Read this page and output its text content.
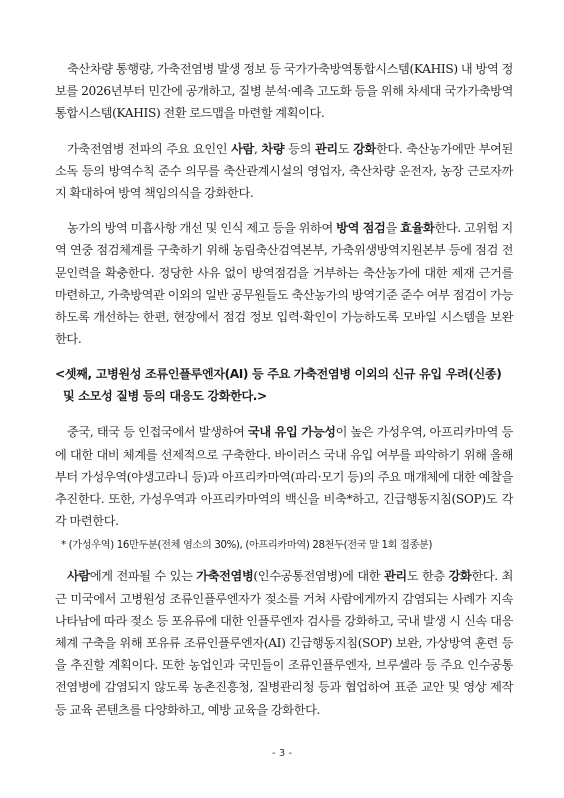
축산차량 통행량, 가축전염병 발생 정보 등 국가가축방역통합시스템(KAHIS) 내 방역 정보를 2026년부터 민간에 공개하고, 질병 분석·예측 고도화 등을 위해 차세대 국가가축방역통합시스템(KAHIS) 전환 로드맵을 마련할 계획이다.

가축전염병 전파의 주요 요인인 사람, 차량 등의 관리도 강화한다. 축산농가에만 부여된 소독 등의 방역수칙 준수 의무를 축산관계시설의 영업자, 축산차량 운전자, 농장 근로자까지 확대하여 방역 책임의식을 강화한다.

농가의 방역 미흡사항 개선 및 인식 제고 등을 위하여 방역 점검을 효율화한다. 고위험 지역 연중 점검체계를 구축하기 위해 농림축산검역본부, 가축위생방역지원본부 등에 점검 전문인력을 확충한다. 정당한 사유 없이 방역점검을 거부하는 축산농가에 대한 제재 근거를 마련하고, 가축방역관 이외의 일반 공무원들도 축산농가의 방역기준 준수 여부 점검이 가능하도록 개선하는 한편, 현장에서 점검 정보 입력·확인이 가능하도록 모바일 시스템을 보완한다.

<셋째, 고병원성 조류인플루엔자(AI) 등 주요 가축전염병 이외의 신규 유입 우려(신종) 및 소모성 질병 등의 대응도 강화한다.>

중국, 태국 등 인접국에서 발생하여 국내 유입 가능성이 높은 가성우역, 아프리카마역 등에 대한 대비 체계를 선제적으로 구축한다. 바이러스 국내 유입 여부를 파악하기 위해 올해부터 가성우역(야생고라니 등)과 아프리카마역(파리·모기 등)의 주요 매개체에 대한 예찰을 추진한다. 또한, 가성우역과 아프리카마역의 백신을 비축*하고, 긴급행동지침(SOP)도 각각 마련한다.

* (가성우역) 16만두분(전체 염소의 30%), (아프리카마역) 28천두(전국 말 1회 접종분)

사람에게 전파될 수 있는 가축전염병(인수공통전염병)에 대한 관리도 한층 강화한다. 최근 미국에서 고병원성 조류인플루엔자가 젖소를 거쳐 사람에게까지 감염되는 사례가 지속 나타남에 따라 젖소 등 포유류에 대한 인플루엔자 검사를 강화하고, 국내 발생 시 신속 대응체계 구축을 위해 포유류 조류인플루엔자(AI) 긴급행동지침(SOP) 보완, 가상방역 훈련 등을 추진할 계획이다. 또한 농업인과 국민들이 조류인플루엔자, 브루셀라 등 주요 인수공통전염병에 감염되지 않도록 농촌진흥청, 질병관리청 등과 협업하여 표준 교안 및 영상 제작 등 교육 콘텐츠를 다양화하고, 예방 교육을 강화한다.

- 3 -
